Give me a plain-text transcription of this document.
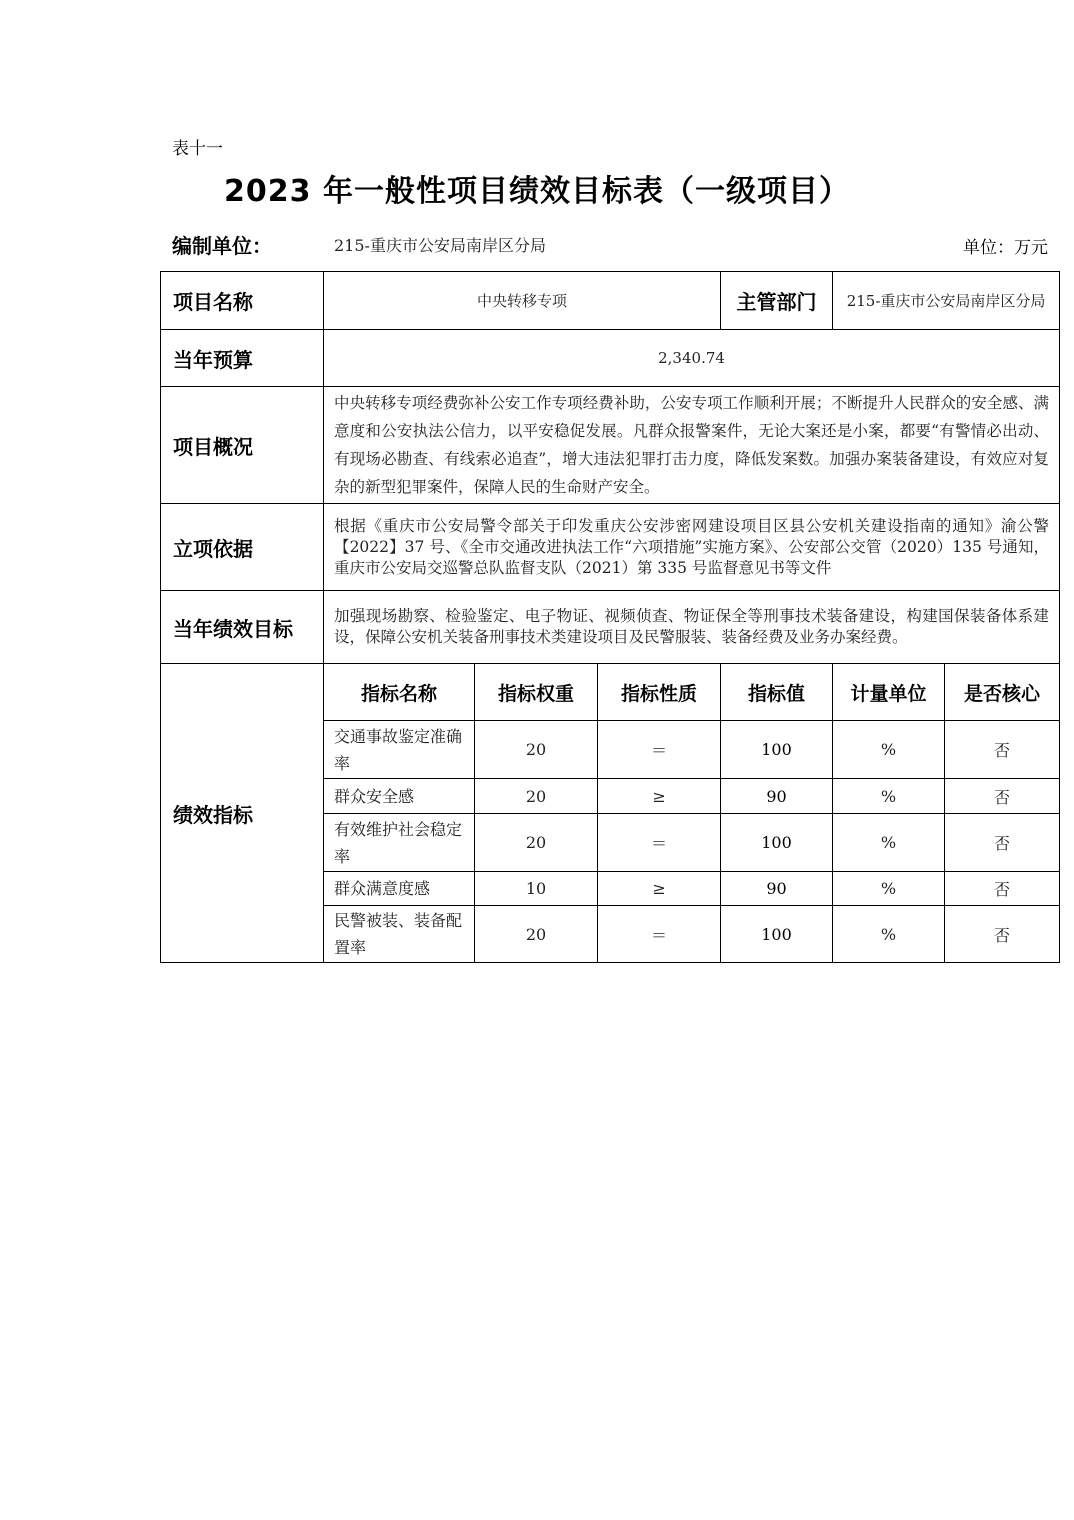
表十一
2023 年一般性项目绩效目标表（一级项目）
编制单位：	215-重庆市公安局南岸区分局	单位：万元
项目名称	中央转移专项			主管部门	215-重庆市公安局南岸区分局	
当年预算	2,340.74					
项目概况	中央转移专项经费弥补公安工作专项经费补助，公安专项工作顺利开展；不断提升人民群众的安全感、满意度和公安执法公信力，以平安稳促发展。凡群众报警案件，无论大案还是小案，都要“有警情必出动、有现场必勘查、有线索必追查”，增大违法犯罪打击力度，降低发案数。加强办案装备建设，有效应对复杂的新型犯罪案件，保障人民的生命财产安全。					
立项依据	根据《重庆市公安局警令部关于印发重庆公安涉密网建设项目区县公安机关建设指南的通知》渝公警【2022】37 号、《全市交通改进执法工作“六项措施”实施方案》、公安部公交管（2020）135 号通知，重庆市公安局交巡警总队监督支队（2021）第 335 号监督意见书等文件					
当年绩效目标	加强现场勘察、检验鉴定、电子物证、视频侦查、物证保全等刑事技术装备建设，构建国保装备体系建设，保障公安机关装备刑事技术类建设项目及民警服装、装备经费及业务办案经费。					
绩效指标	指标名称	指标权重	指标性质	指标值	计量单位	是否核心
	交通事故鉴定准确率	20	＝	100	%	否
	群众安全感	20	≥	90	%	否
	有效维护社会稳定率	20	＝	100	%	否
	群众满意度感	10	≥	90	%	否
	民警被装、装备配置率	20	＝	100	%	否
